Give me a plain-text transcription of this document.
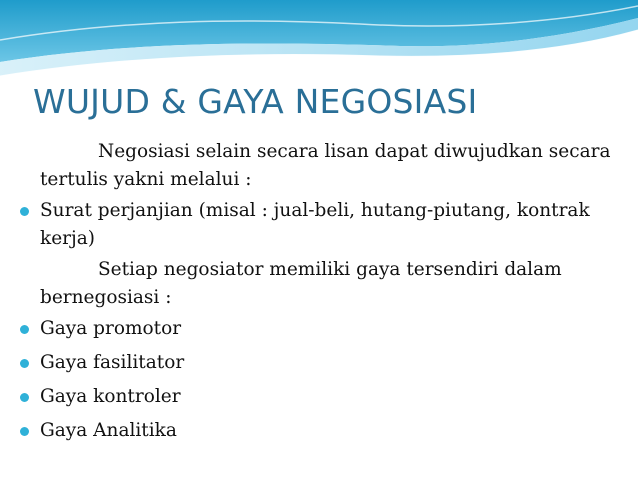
WUJUD & GAYA NEGOSIASI

Negosiasi selain secara lisan dapat diwujudkan secara tertulis yakni melalui :

Surat perjanjian (misal : jual-beli, hutang-piutang, kontrak kerja)

Setiap negosiator memiliki gaya tersendiri dalam bernegosiasi :

Gaya promotor
Gaya fasilitator
Gaya kontroler
Gaya Analitika
